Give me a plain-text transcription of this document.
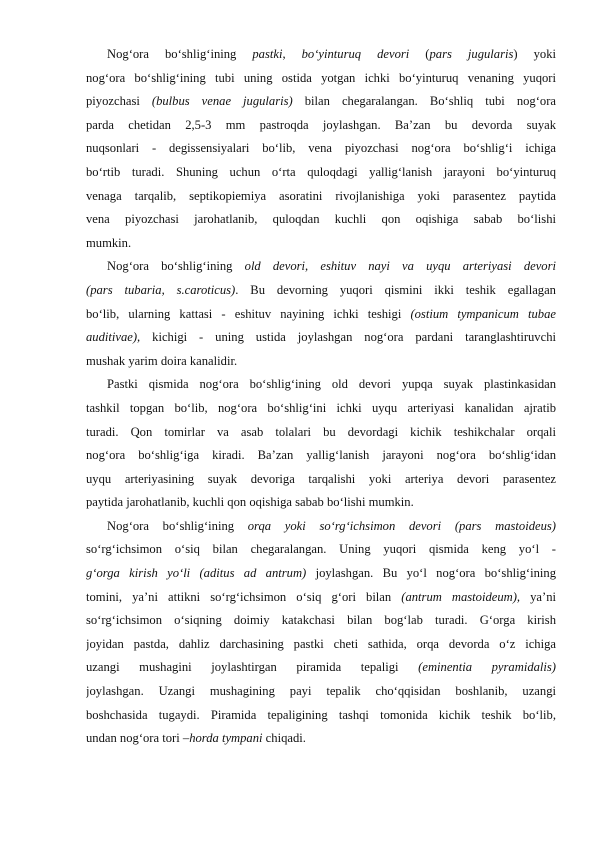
Nog‘ora bo‘shlig‘ining pastki, bo‘yinturuq devori (pars jugularis) yoki
nog‘ora bo‘shlig‘ining tubi uning ostida yotgan ichki bo‘yinturuq venaning yuqori
piyozchasi (bulbus venae jugularis) bilan chegaralangan. Bo‘shliq tubi nog‘ora
parda chetidan 2,5-3 mm pastroqda joylashgan. Ba’zan bu devorda suyak
nuqsonlari - degissensiyalari bo‘lib, vena piyozchasi nog‘ora bo‘shlig‘i ichiga
bo‘rtib turadi. Shuning uchun o‘rta quloqdagi yallig‘lanish jarayoni bo‘yinturuq
venaga tarqalib, septikopiemiya asoratini rivojlanishiga yoki parasentez paytida
vena piyozchasi jarohatlanib, quloqdan kuchli qon oqishiga sabab bo‘lishi
mumkin.
Nog‘ora bo‘shlig‘ining old devori, eshituv nayi va uyqu arteriyasi devori
(pars tubaria, s.caroticus). Bu devorning yuqori qismini ikki teshik egallagan
bo‘lib, ularning kattasi - eshituv nayining ichki teshigi (ostium tympanicum tubae
auditivae), kichigi - uning ustida joylashgan nog‘ora pardani taranglashtiruvchi
mushak yarim doira kanalidir.
Pastki qismida nog‘ora bo‘shlig‘ining old devori yupqa suyak plastinkasidan
tashkil topgan bo‘lib, nog‘ora bo‘shlig‘ini ichki uyqu arteriyasi kanalidan ajratib
turadi. Qon tomirlar va asab tolalari bu devordagi kichik teshikchalar orqali
nog‘ora bo‘shlig‘iga kiradi. Ba’zan yallig‘lanish jarayoni nog‘ora bo‘shlig‘idan
uyqu arteriyasining suyak devoriga tarqalishi yoki arteriya devori parasentez
paytida jarohatlanib, kuchli qon oqishiga sabab bo‘lishi mumkin.
Nog‘ora bo‘shlig‘ining orqa yoki so‘rg‘ichsimon devori (pars mastoideus)
so‘rg‘ichsimon o‘siq bilan chegaralangan. Uning yuqori qismida keng yo‘l -
g‘orga kirish yo‘li (aditus ad antrum) joylashgan. Bu yo‘l nog‘ora bo‘shlig‘ining
tomini, ya’ni attikni so‘rg‘ichsimon o‘siq g‘ori bilan (antrum mastoideum), ya’ni
so‘rg‘ichsimon o‘siqning doimiy katakchasi bilan bog‘lab turadi. G‘orga kirish
joyidan pastda, dahliz darchasining pastki cheti sathida, orqa devorda o‘z ichiga
uzangi mushagini joylashtirgan piramida tepaligi (eminentia pyramidalis)
joylashgan. Uzangi mushagining payi tepalik cho‘qqisidan boshlanib, uzangi
boshchasida tugaydi. Piramida tepaligining tashqi tomonida kichik teshik bo‘lib,
undan nog‘ora tori –horda tympani chiqadi.
